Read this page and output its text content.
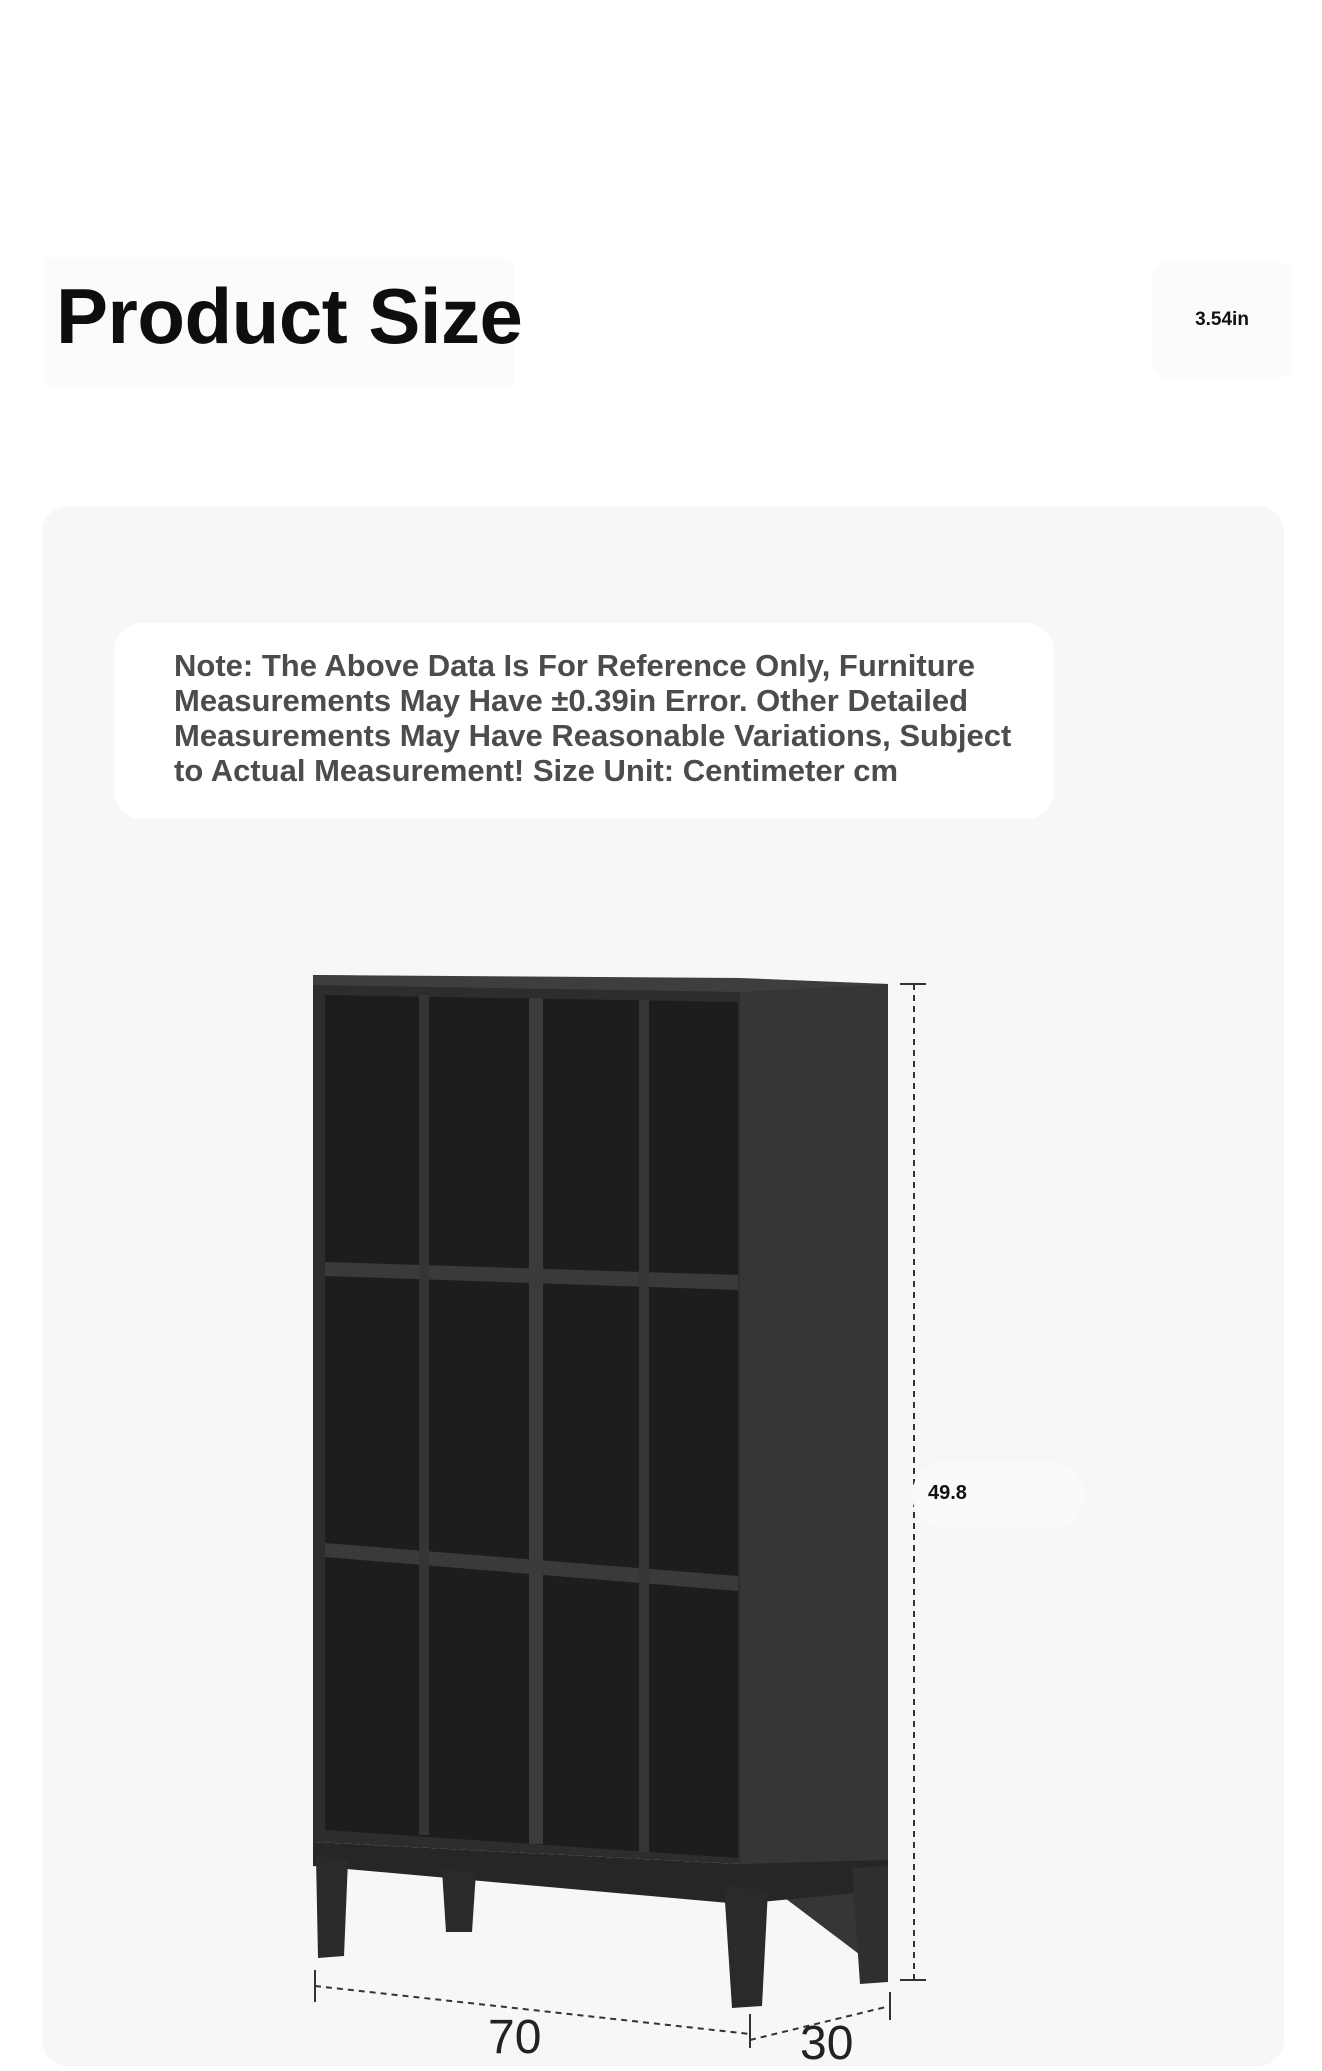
Product Size	3.54in

Note: The Above Data Is For Reference Only, Furniture Measurements May Have ±0.39in Error. Other Detailed Measurements May Have Reasonable Variations, Subject to Actual Measurement! Size Unit: Centimeter cm

49.8
70	30
